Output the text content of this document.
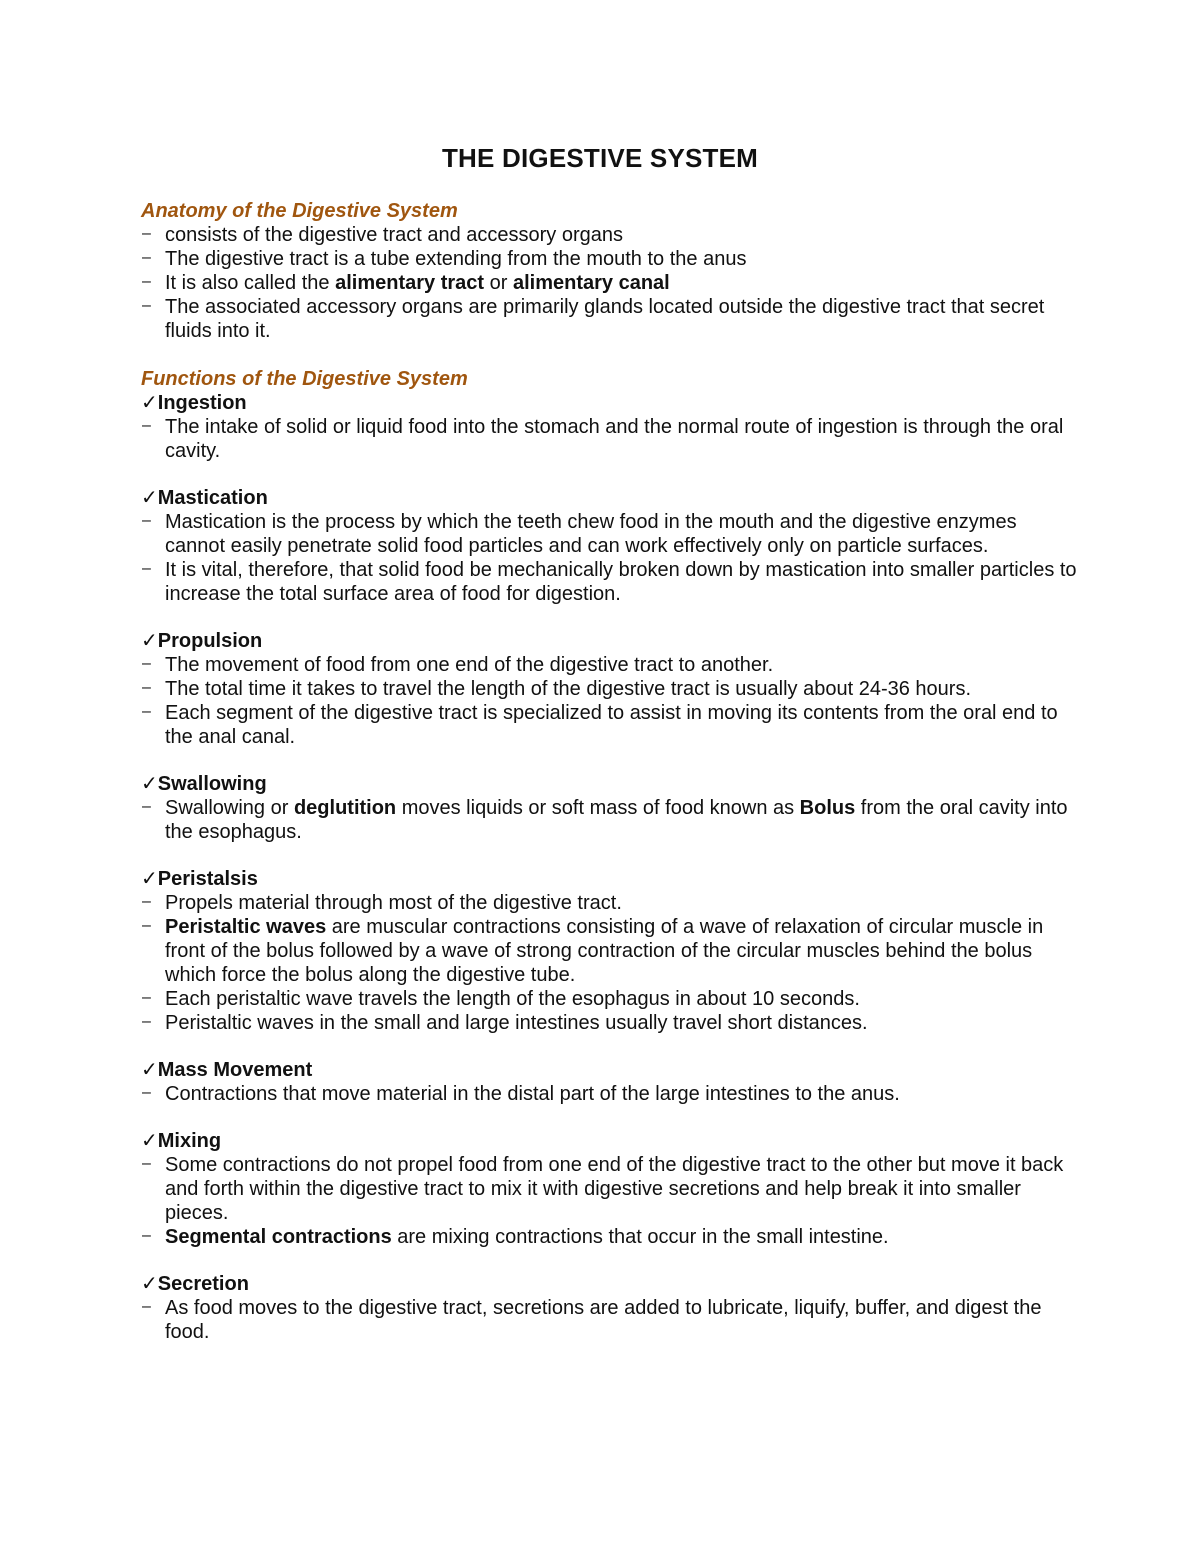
THE DIGESTIVE SYSTEM

Anatomy of the Digestive System

– consists of the digestive tract and accessory organs
– The digestive tract is a tube extending from the mouth to the anus
– It is also called the alimentary tract or alimentary canal
– The associated accessory organs are primarily glands located outside the digestive tract that secret fluids into it.

Functions of the Digestive System

✓Ingestion

– The intake of solid or liquid food into the stomach and the normal route of ingestion is through the oral cavity.

✓Mastication

– Mastication is the process by which the teeth chew food in the mouth and the digestive enzymes cannot easily penetrate solid food particles and can work effectively only on particle surfaces.
– It is vital, therefore, that solid food be mechanically broken down by mastication into smaller particles to increase the total surface area of food for digestion.

✓Propulsion

– The movement of food from one end of the digestive tract to another.
– The total time it takes to travel the length of the digestive tract is usually about 24-36 hours.
– Each segment of the digestive tract is specialized to assist in moving its contents from the oral end to the anal canal.

✓Swallowing

– Swallowing or deglutition moves liquids or soft mass of food known as Bolus from the oral cavity into the esophagus.

✓Peristalsis

– Propels material through most of the digestive tract.
– Peristaltic waves are muscular contractions consisting of a wave of relaxation of circular muscle in front of the bolus followed by a wave of strong contraction of the circular muscles behind the bolus which force the bolus along the digestive tube.
– Each peristaltic wave travels the length of the esophagus in about 10 seconds.
– Peristaltic waves in the small and large intestines usually travel short distances.

✓Mass Movement

– Contractions that move material in the distal part of the large intestines to the anus.

✓Mixing

– Some contractions do not propel food from one end of the digestive tract to the other but move it back and forth within the digestive tract to mix it with digestive secretions and help break it into smaller pieces.
– Segmental contractions are mixing contractions that occur in the small intestine.

✓Secretion

– As food moves to the digestive tract, secretions are added to lubricate, liquify, buffer, and digest the food.
